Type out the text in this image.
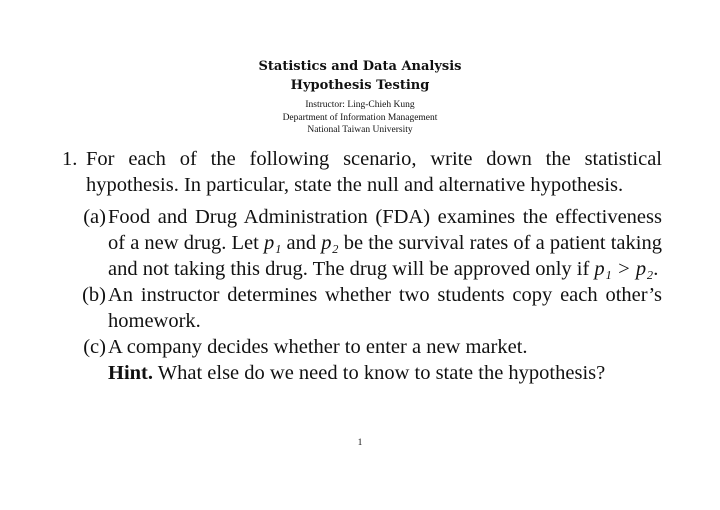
Statistics and Data Analysis
Hypothesis Testing
Instructor: Ling-Chieh Kung
Department of Information Management
National Taiwan University
1. For each of the following scenario, write down the statistical hypothesis. In particular, state the null and alternative hypothesis.
(a) Food and Drug Administration (FDA) examines the effectiveness of a new drug. Let p₁ and p₂ be the survival rates of a patient taking and not taking this drug. The drug will be approved only if p₁ > p₂.
(b) An instructor determines whether two students copy each other’s homework.
(c) A company decides whether to enter a new market.
Hint. What else do we need to know to state the hypothesis?
1
